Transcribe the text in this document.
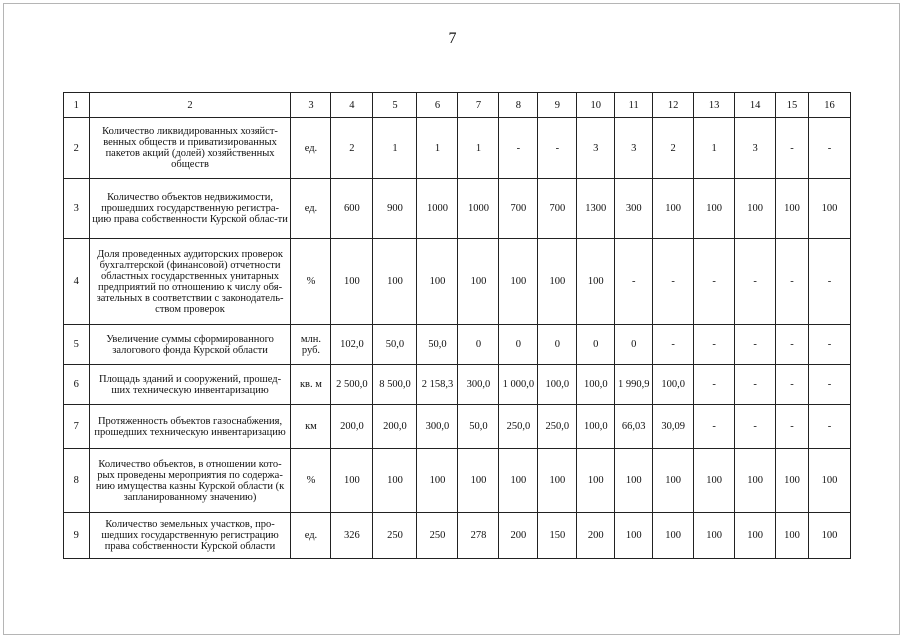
7
1	2	3	4	5	6	7	8	9	10	11	12	13	14	15	16
2	Количество ликвидированных хозяйст-венных обществ и приватизированных пакетов акций (долей) хозяйственных обществ	ед.	2	1	1	1	-	-	3	3	2	1	3	-	-
3	Количество объектов недвижимости, прошедших государственную регистра-цию права собственности Курской облас-ти	ед.	600	900	1000	1000	700	700	1300	300	100	100	100	100	100
4	Доля проведенных аудиторских проверок бухгалтерской (финансовой) отчетности областных государственных унитарных предприятий по отношению к числу обя-зательных в соответствии с законодатель-ством проверок	%	100	100	100	100	100	100	100	-	-	-	-	-	-
5	Увеличение суммы сформированного залогового фонда Курской области	млн. руб.	102,0	50,0	50,0	0	0	0	0	0	-	-	-	-	-
6	Площадь зданий и сооружений, прошед-ших техническую инвентаризацию	кв. м	2 500,0	8 500,0	2 158,3	300,0	1 000,0	100,0	100,0	1 990,9	100,0	-	-	-	-
7	Протяженность объектов газоснабжения, прошедших техническую инвентаризацию	км	200,0	200,0	300,0	50,0	250,0	250,0	100,0	66,03	30,09	-	-	-	-
8	Количество объектов, в отношении кото-рых проведены мероприятия по содержа-нию имущества казны Курской области (к запланированному значению)	%	100	100	100	100	100	100	100	100	100	100	100	100	100
9	Количество земельных участков, про-шедших государственную регистрацию права собственности Курской области	ед.	326	250	250	278	200	150	200	100	100	100	100	100	100
